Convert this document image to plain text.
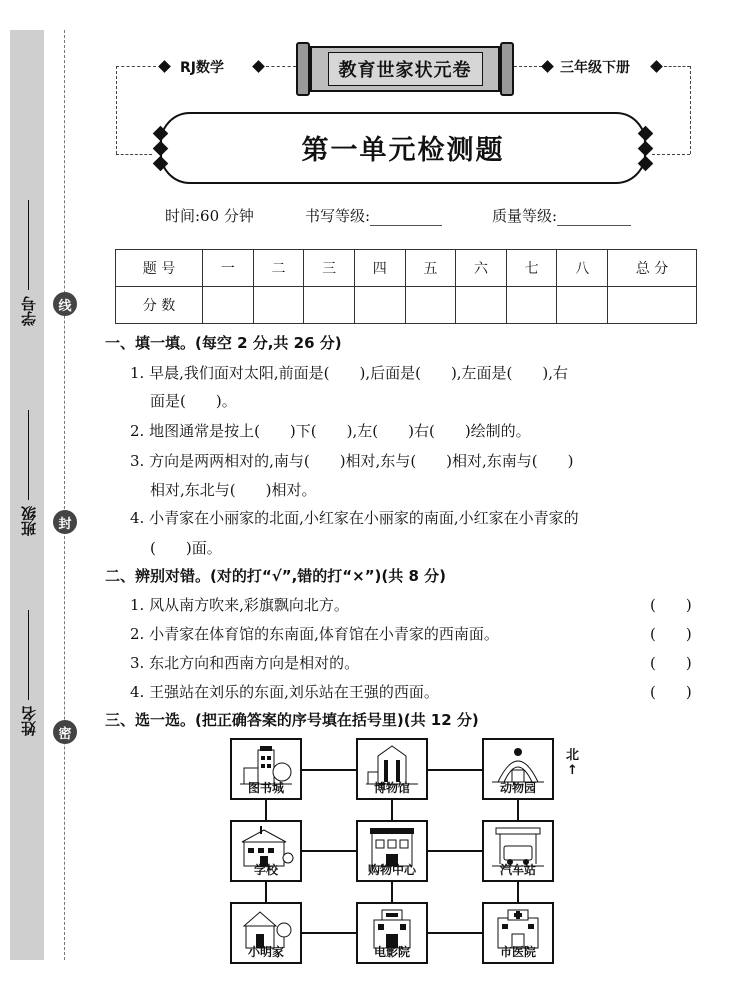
学号
班级
姓名
线
封
密
RJ数学	教育世家状元卷	三年级下册
第一单元检测题
时间:60 分钟	书写等级:	质量等级:
题 号	一	二	三	四	五	六	七	八	总 分
分 数									
一、填一填。(每空 2 分,共 26 分)
1. 早晨,我们面对太阳,前面是(　　),后面是(　　),左面是(　　),右
面是(　　)。
2. 地图通常是按上(　　)下(　　),左(　　)右(　　)绘制的。
3. 方向是两两相对的,南与(　　)相对,东与(　　)相对,东南与(　　)
相对,东北与(　　)相对。
4. 小青家在小丽家的北面,小红家在小丽家的南面,小红家在小青家的
(　　)面。
二、辨别对错。(对的打“√”,错的打“×”)(共 8 分)
1. 风从南方吹来,彩旗飘向北方。	(　　)
2. 小青家在体育馆的东南面,体育馆在小青家的西南面。	(　　)
3. 东北方向和西南方向是相对的。	(　　)
4. 王强站在刘乐的东面,刘乐站在王强的西面。	(　　)
三、选一选。(把正确答案的序号填在括号里)(共 12 分)
图书城	博物馆	动物园
学校	购物中心	汽车站
小明家	电影院	市医院
北
↑
